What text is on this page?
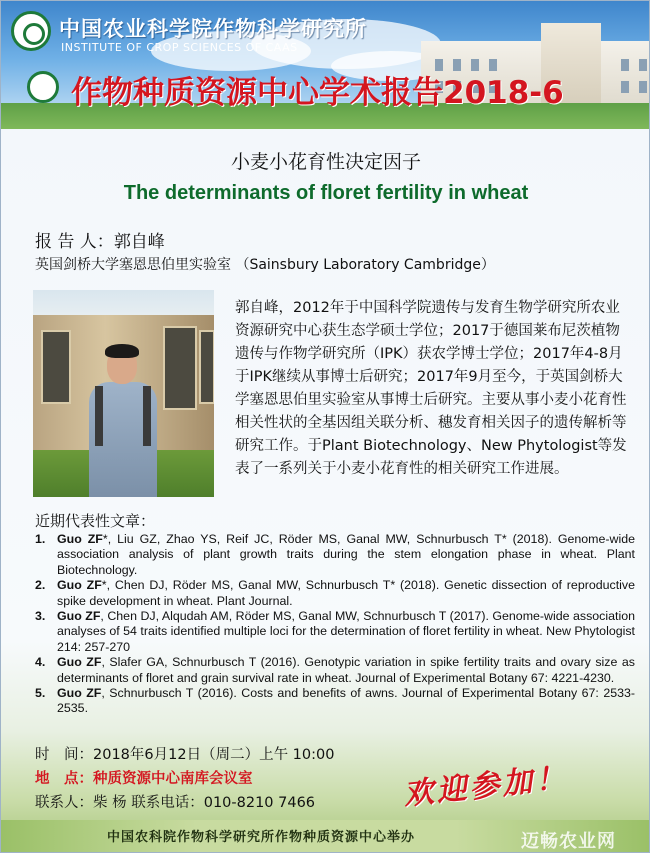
中国农业科学院作物科学研究所
INSTITUTE OF CROP SCIENCES OF CAAS
作物种质资源中心学术报告2018-6
小麦小花育性决定因子
The determinants of floret fertility in wheat
报 告 人：郭自峰
英国剑桥大学塞恩思伯里实验室 （Sainsbury Laboratory Cambridge）
郭自峰，2012年于中国科学院遗传与发育生物学研究所农业资源研究中心获生态学硕士学位；2017于德国莱布尼茨植物遗传与作物学研究所（IPK）获农学博士学位；2017年4-8月于IPK继续从事博士后研究；2017年9月至今，于英国剑桥大学塞恩思伯里实验室从事博士后研究。主要从事小麦小花育性相关性状的全基因组关联分析、穗发育相关因子的遗传解析等研究工作。于Plant Biotechnology、New Phytologist等发表了一系列关于小麦小花育性的相关研究工作进展。
近期代表性文章：
1. Guo ZF*, Liu GZ, Zhao YS, Reif JC, Röder MS, Ganal MW, Schnurbusch T* (2018). Genome-wide association analysis of plant growth traits during the stem elongation phase in wheat. Plant Biotechnology.
2. Guo ZF*, Chen DJ, Röder MS, Ganal MW, Schnurbusch T* (2018). Genetic dissection of reproductive spike development in wheat. Plant Journal.
3. Guo ZF, Chen DJ, Alqudah AM, Röder MS, Ganal MW, Schnurbusch T (2017). Genome-wide association analyses of 54 traits identified multiple loci for the determination of floret fertility in wheat. New Phytologist 214: 257-270
4. Guo ZF, Slafer GA, Schnurbusch T (2016). Genotypic variation in spike fertility traits and ovary size as determinants of floret and grain survival rate in wheat. Journal of Experimental Botany 67: 4221-4230.
5. Guo ZF, Schnurbusch T (2016). Costs and benefits of awns. Journal of Experimental Botany 67: 2533-2535.
时　间：2018年6月12日（周二）上午 10:00
地　点：种质资源中心南库会议室
联系人：柴 杨 联系电话：010-8210 7466	欢迎参加！
中国农科院作物科学研究所作物种质资源中心举办	迈畅农业网
